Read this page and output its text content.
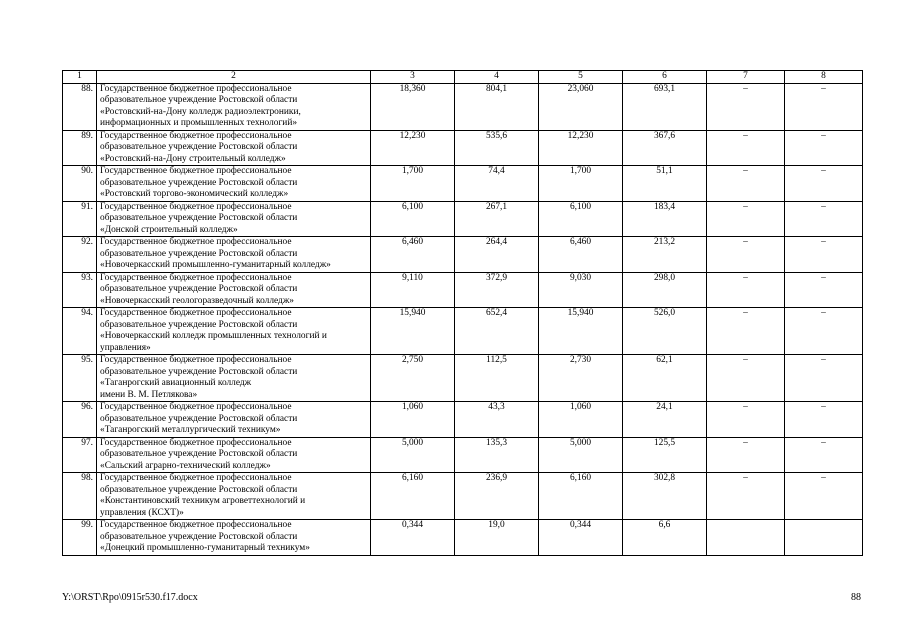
1	2	3	4	5	6	7	8
88.	Государственное бюджетное профессиональное
образовательное учреждение Ростовской области
«Ростовский-на-Дону колледж радиоэлектроники,
информационных и промышленных технологий»	18,360	804,1	23,060	693,1	–	–
89.	Государственное бюджетное профессиональное
образовательное учреждение Ростовской области
«Ростовский-на-Дону строительный колледж»	12,230	535,6	12,230	367,6	–	–
90.	Государственное бюджетное профессиональное
образовательное учреждение Ростовской области
«Ростовский торгово-экономический колледж»	1,700	74,4	1,700	51,1	–	–
91.	Государственное бюджетное профессиональное
образовательное учреждение Ростовской области
«Донской строительный колледж»	6,100	267,1	6,100	183,4	–	–
92.	Государственное бюджетное профессиональное
образовательное учреждение Ростовской области
«Новочеркасский промышленно-гуманитарный колледж»	6,460	264,4	6,460	213,2	–	–
93.	Государственное бюджетное профессиональное
образовательное учреждение Ростовской области
«Новочеркасский геологоразведочный колледж»	9,110	372,9	9,030	298,0	–	–
94.	Государственное бюджетное профессиональное
образовательное учреждение Ростовской области
«Новочеркасский колледж промышленных технологий и
управления»	15,940	652,4	15,940	526,0	–	–
95.	Государственное бюджетное профессиональное
образовательное учреждение Ростовской области
«Таганрогский авиационный колледж
имени В. М. Петлякова»	2,750	112,5	2,730	62,1	–	–
96.	Государственное бюджетное профессиональное
образовательное учреждение Ростовской области
«Таганрогский металлургический техникум»	1,060	43,3	1,060	24,1	–	–
97.	Государственное бюджетное профессиональное
образовательное учреждение Ростовской области
«Сальский аграрно-технический колледж»	5,000	135,3	5,000	125,5	–	–
98.	Государственное бюджетное профессиональное
образовательное учреждение Ростовской области
«Константиновский техникум агроветтехнологий и
управления (КСХТ)»	6,160	236,9	6,160	302,8	–	–
99.	Государственное бюджетное профессиональное
образовательное учреждение Ростовской области
«Донецкий промышленно-гуманитарный техникум»	0,344	19,0	0,344	6,6		
Y:\ORST\Rpo\0915r530.f17.docx	88
